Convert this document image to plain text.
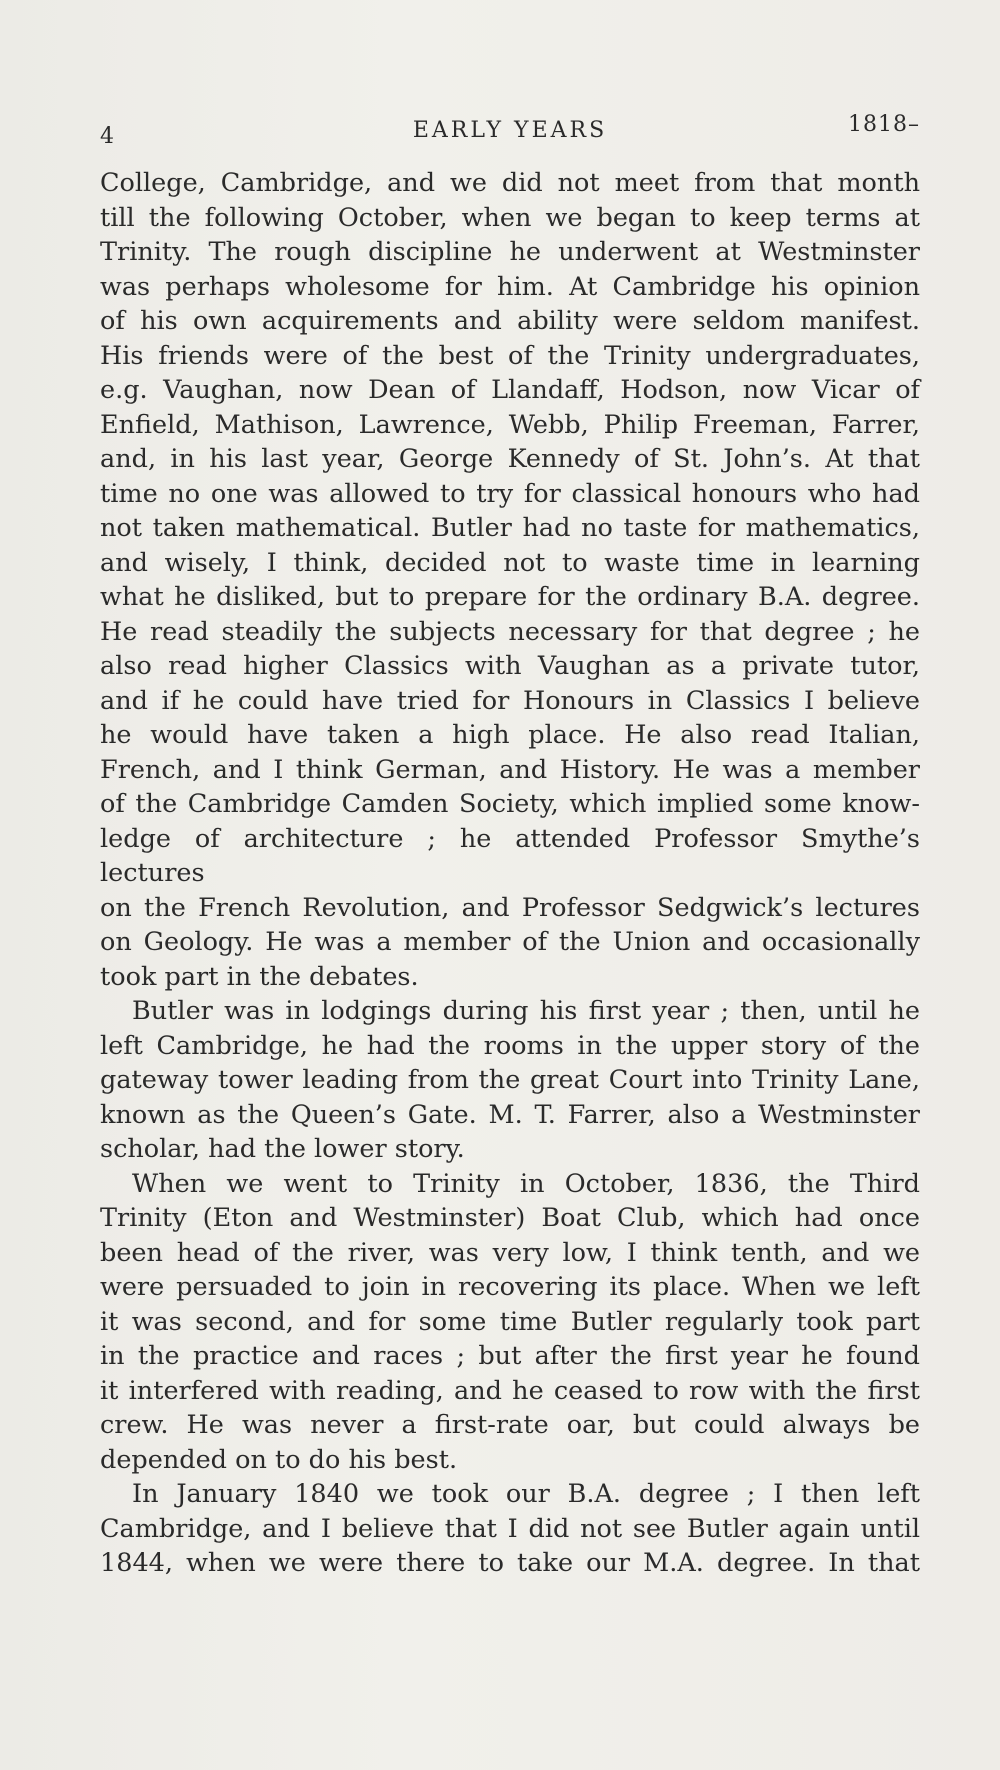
4	EARLY YEARS	1818–
College, Cambridge, and we did not meet from that month
till the following October, when we began to keep terms at
Trinity. The rough discipline he underwent at Westminster
was perhaps wholesome for him. At Cambridge his opinion
of his own acquirements and ability were seldom manifest.
His friends were of the best of the Trinity undergraduates,
e.g. Vaughan, now Dean of Llandaff, Hodson, now Vicar of
Enfield, Mathison, Lawrence, Webb, Philip Freeman, Farrer,
and, in his last year, George Kennedy of St. John’s. At that
time no one was allowed to try for classical honours who had
not taken mathematical. Butler had no taste for mathematics,
and wisely, I think, decided not to waste time in learning
what he disliked, but to prepare for the ordinary B.A. degree.
He read steadily the subjects necessary for that degree ; he
also read higher Classics with Vaughan as a private tutor,
and if he could have tried for Honours in Classics I believe
he would have taken a high place. He also read Italian,
French, and I think German, and History. He was a member
of the Cambridge Camden Society, which implied some know-
ledge of architecture ; he attended Professor Smythe’s lectures
on the French Revolution, and Professor Sedgwick’s lectures
on Geology. He was a member of the Union and occasionally
took part in the debates.
Butler was in lodgings during his first year ; then, until he
left Cambridge, he had the rooms in the upper story of the
gateway tower leading from the great Court into Trinity Lane,
known as the Queen’s Gate. M. T. Farrer, also a Westminster
scholar, had the lower story.
When we went to Trinity in October, 1836, the Third
Trinity (Eton and Westminster) Boat Club, which had once
been head of the river, was very low, I think tenth, and we
were persuaded to join in recovering its place. When we left
it was second, and for some time Butler regularly took part
in the practice and races ; but after the first year he found
it interfered with reading, and he ceased to row with the first
crew. He was never a first-rate oar, but could always be
depended on to do his best.
In January 1840 we took our B.A. degree ; I then left
Cambridge, and I believe that I did not see Butler again until
1844, when we were there to take our M.A. degree. In that
